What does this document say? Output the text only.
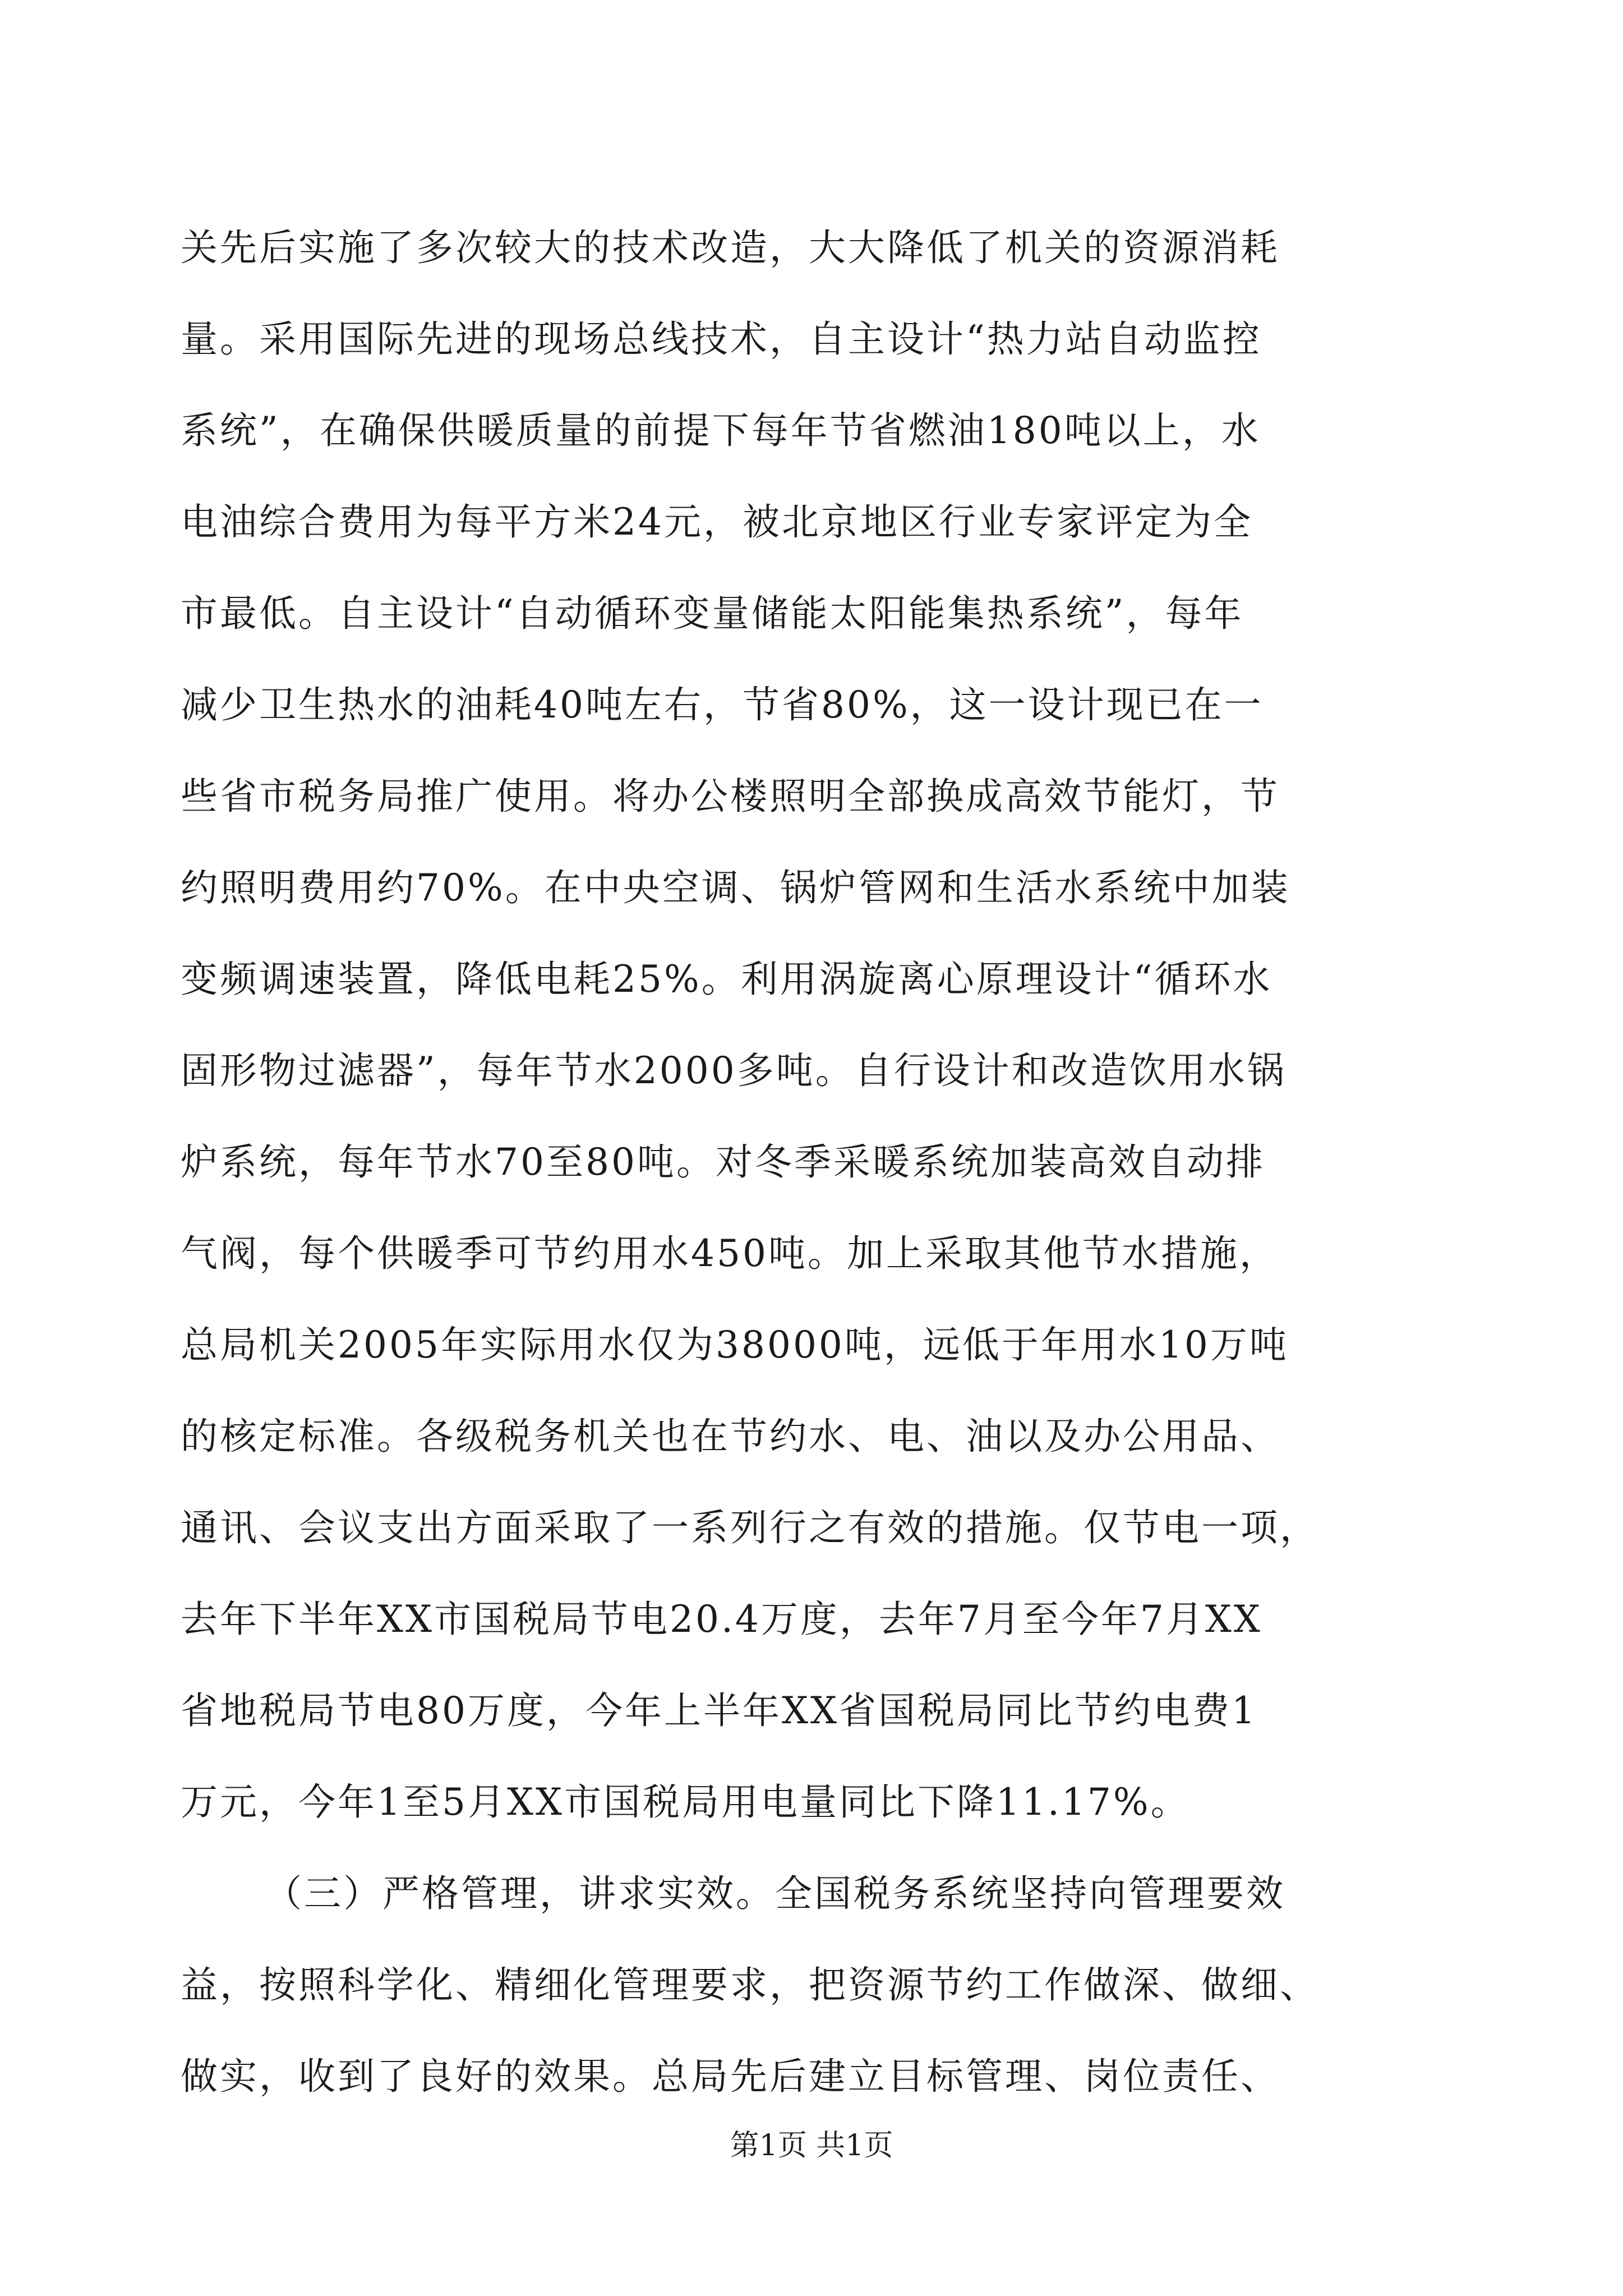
关先后实施了多次较大的技术改造，大大降低了机关的资源消耗
量。采用国际先进的现场总线技术，自主设计“热力站自动监控
系统”，在确保供暖质量的前提下每年节省燃油180吨以上，水
电油综合费用为每平方米24元，被北京地区行业专家评定为全
市最低。自主设计“自动循环变量储能太阳能集热系统”，每年
减少卫生热水的油耗40吨左右，节省80%，这一设计现已在一
些省市税务局推广使用。将办公楼照明全部换成高效节能灯，节
约照明费用约70%。在中央空调、锅炉管网和生活水系统中加装
变频调速装置，降低电耗25%。利用涡旋离心原理设计“循环水
固形物过滤器”，每年节水2000多吨。自行设计和改造饮用水锅
炉系统，每年节水70至80吨。对冬季采暖系统加装高效自动排
气阀，每个供暖季可节约用水450吨。加上采取其他节水措施，
总局机关2005年实际用水仅为38000吨，远低于年用水10万吨
的核定标准。各级税务机关也在节约水、电、油以及办公用品、
通讯、会议支出方面采取了一系列行之有效的措施。仅节电一项，
去年下半年XX市国税局节电20.4万度，去年7月至今年7月XX
省地税局节电80万度，今年上半年XX省国税局同比节约电费1
万元，今年1至5月XX市国税局用电量同比下降11.17%。
（三）严格管理，讲求实效。全国税务系统坚持向管理要效
益，按照科学化、精细化管理要求，把资源节约工作做深、做细、
做实，收到了良好的效果。总局先后建立目标管理、岗位责任、
第1页 共1页
